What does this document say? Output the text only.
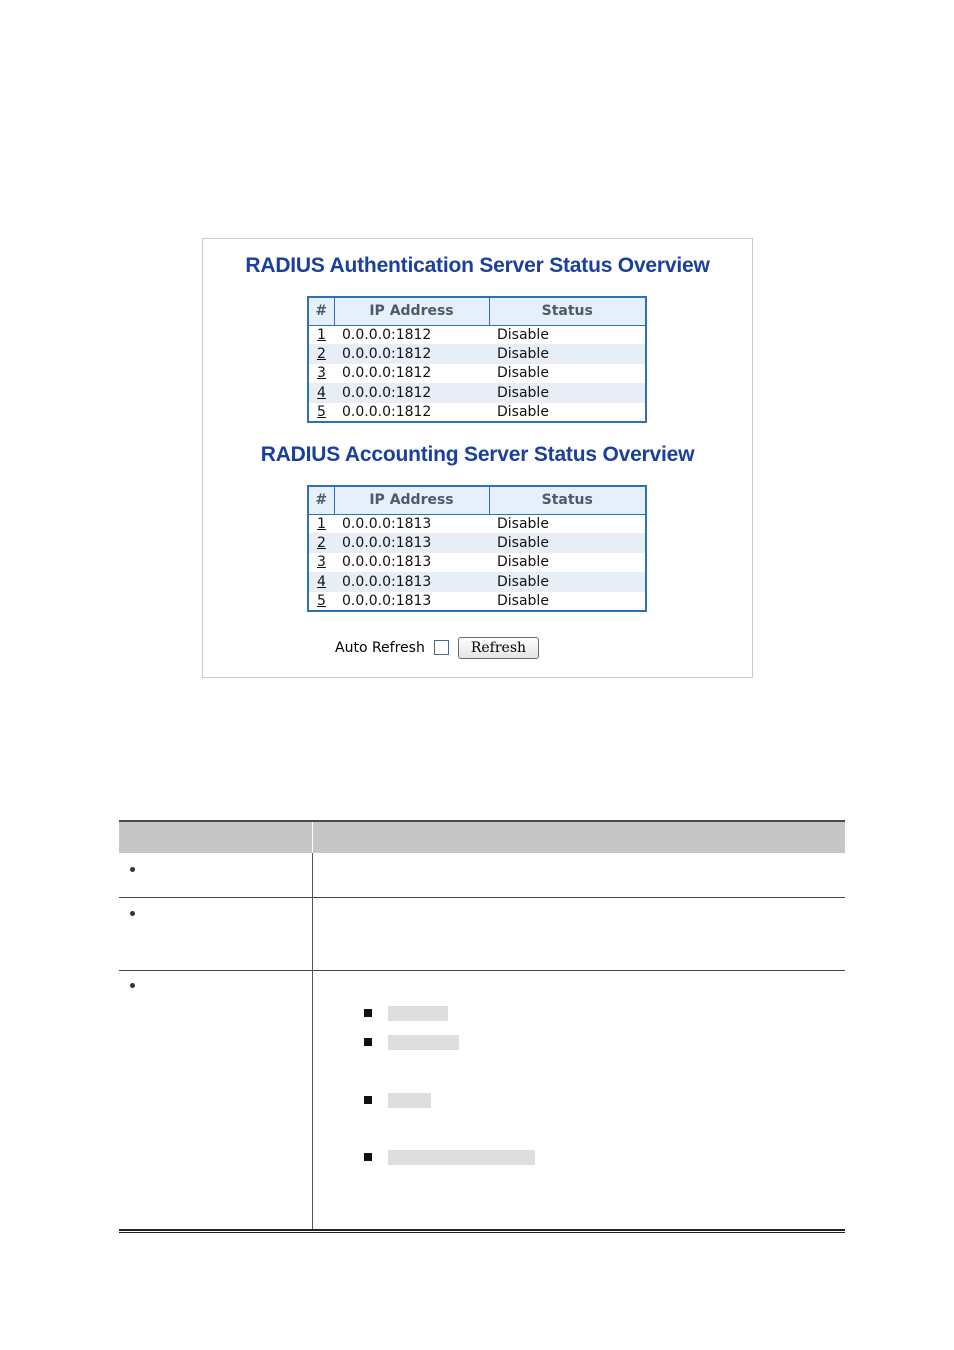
RADIUS Authentication Server Status Overview
#	IP Address	Status
1	0.0.0.0:1812	Disable
2	0.0.0.0:1812	Disable
3	0.0.0.0:1812	Disable
4	0.0.0.0:1812	Disable
5	0.0.0.0:1812	Disable
RADIUS Accounting Server Status Overview
#	IP Address	Status
1	0.0.0.0:1813	Disable
2	0.0.0.0:1813	Disable
3	0.0.0.0:1813	Disable
4	0.0.0.0:1813	Disable
5	0.0.0.0:1813	Disable
Auto Refresh	Refresh
